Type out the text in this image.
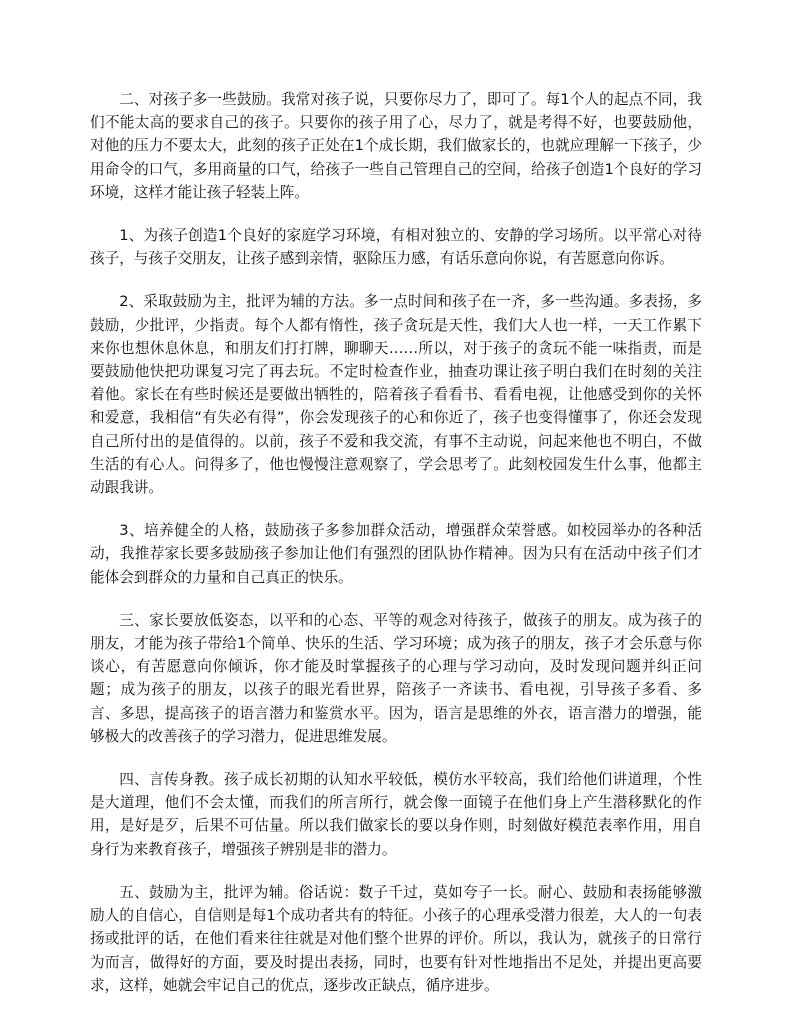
二、对孩子多一些鼓励。我常对孩子说，只要你尽力了，即可了。每1个人的起点不同，我们不能太高的要求自己的孩子。只要你的孩子用了心，尽力了，就是考得不好，也要鼓励他，对他的压力不要太大，此刻的孩子正处在1个成长期，我们做家长的，也就应理解一下孩子，少用命令的口气，多用商量的口气，给孩子一些自己管理自己的空间，给孩子创造1个良好的学习环境，这样才能让孩子轻装上阵。

1、为孩子创造1个良好的家庭学习环境，有相对独立的、安静的学习场所。以平常心对待孩子，与孩子交朋友，让孩子感到亲情，驱除压力感，有话乐意向你说，有苦愿意向你诉。

2、采取鼓励为主，批评为辅的方法。多一点时间和孩子在一齐，多一些沟通。多表扬，多鼓励，少批评，少指责。每个人都有惰性，孩子贪玩是天性，我们大人也一样，一天工作累下来你也想休息休息，和朋友们打打牌，聊聊天……所以，对于孩子的贪玩不能一味指责，而是要鼓励他快把功课复习完了再去玩。不定时检查作业，抽查功课让孩子明白我们在时刻的关注着他。家长在有些时候还是要做出牺牲的，陪着孩子看看书、看看电视，让他感受到你的关怀和爱意，我相信“有失必有得”，你会发现孩子的心和你近了，孩子也变得懂事了，你还会发现自己所付出的是值得的。以前，孩子不爱和我交流，有事不主动说，问起来他也不明白，不做生活的有心人。问得多了，他也慢慢注意观察了，学会思考了。此刻校园发生什么事，他都主动跟我讲。

3、培养健全的人格，鼓励孩子多参加群众活动，增强群众荣誉感。如校园举办的各种活动，我推荐家长要多鼓励孩子参加让他们有强烈的团队协作精神。因为只有在活动中孩子们才能体会到群众的力量和自己真正的快乐。

三、家长要放低姿态，以平和的心态、平等的观念对待孩子，做孩子的朋友。成为孩子的朋友，才能为孩子带给1个简单、快乐的生活、学习环境；成为孩子的朋友，孩子才会乐意与你谈心，有苦愿意向你倾诉，你才能及时掌握孩子的心理与学习动向，及时发现问题并纠正问题；成为孩子的朋友，以孩子的眼光看世界，陪孩子一齐读书、看电视，引导孩子多看、多言、多思，提高孩子的语言潜力和鉴赏水平。因为，语言是思维的外衣，语言潜力的增强，能够极大的改善孩子的学习潜力，促进思维发展。

四、言传身教。孩子成长初期的认知水平较低，模仿水平较高，我们给他们讲道理，个性是大道理，他们不会太懂，而我们的所言所行，就会像一面镜子在他们身上产生潜移默化的作用，是好是歹，后果不可估量。所以我们做家长的要以身作则，时刻做好模范表率作用，用自身行为来教育孩子，增强孩子辨别是非的潜力。

五、鼓励为主，批评为辅。俗话说：数子千过，莫如夸子一长。耐心、鼓励和表扬能够激励人的自信心，自信则是每1个成功者共有的特征。小孩子的心理承受潜力很差，大人的一句表扬或批评的话，在他们看来往往就是对他们整个世界的评价。所以，我认为，就孩子的日常行为而言，做得好的方面，要及时提出表扬，同时，也要有针对性地指出不足处，并提出更高要求，这样，她就会牢记自己的优点，逐步改正缺点，循序进步。
